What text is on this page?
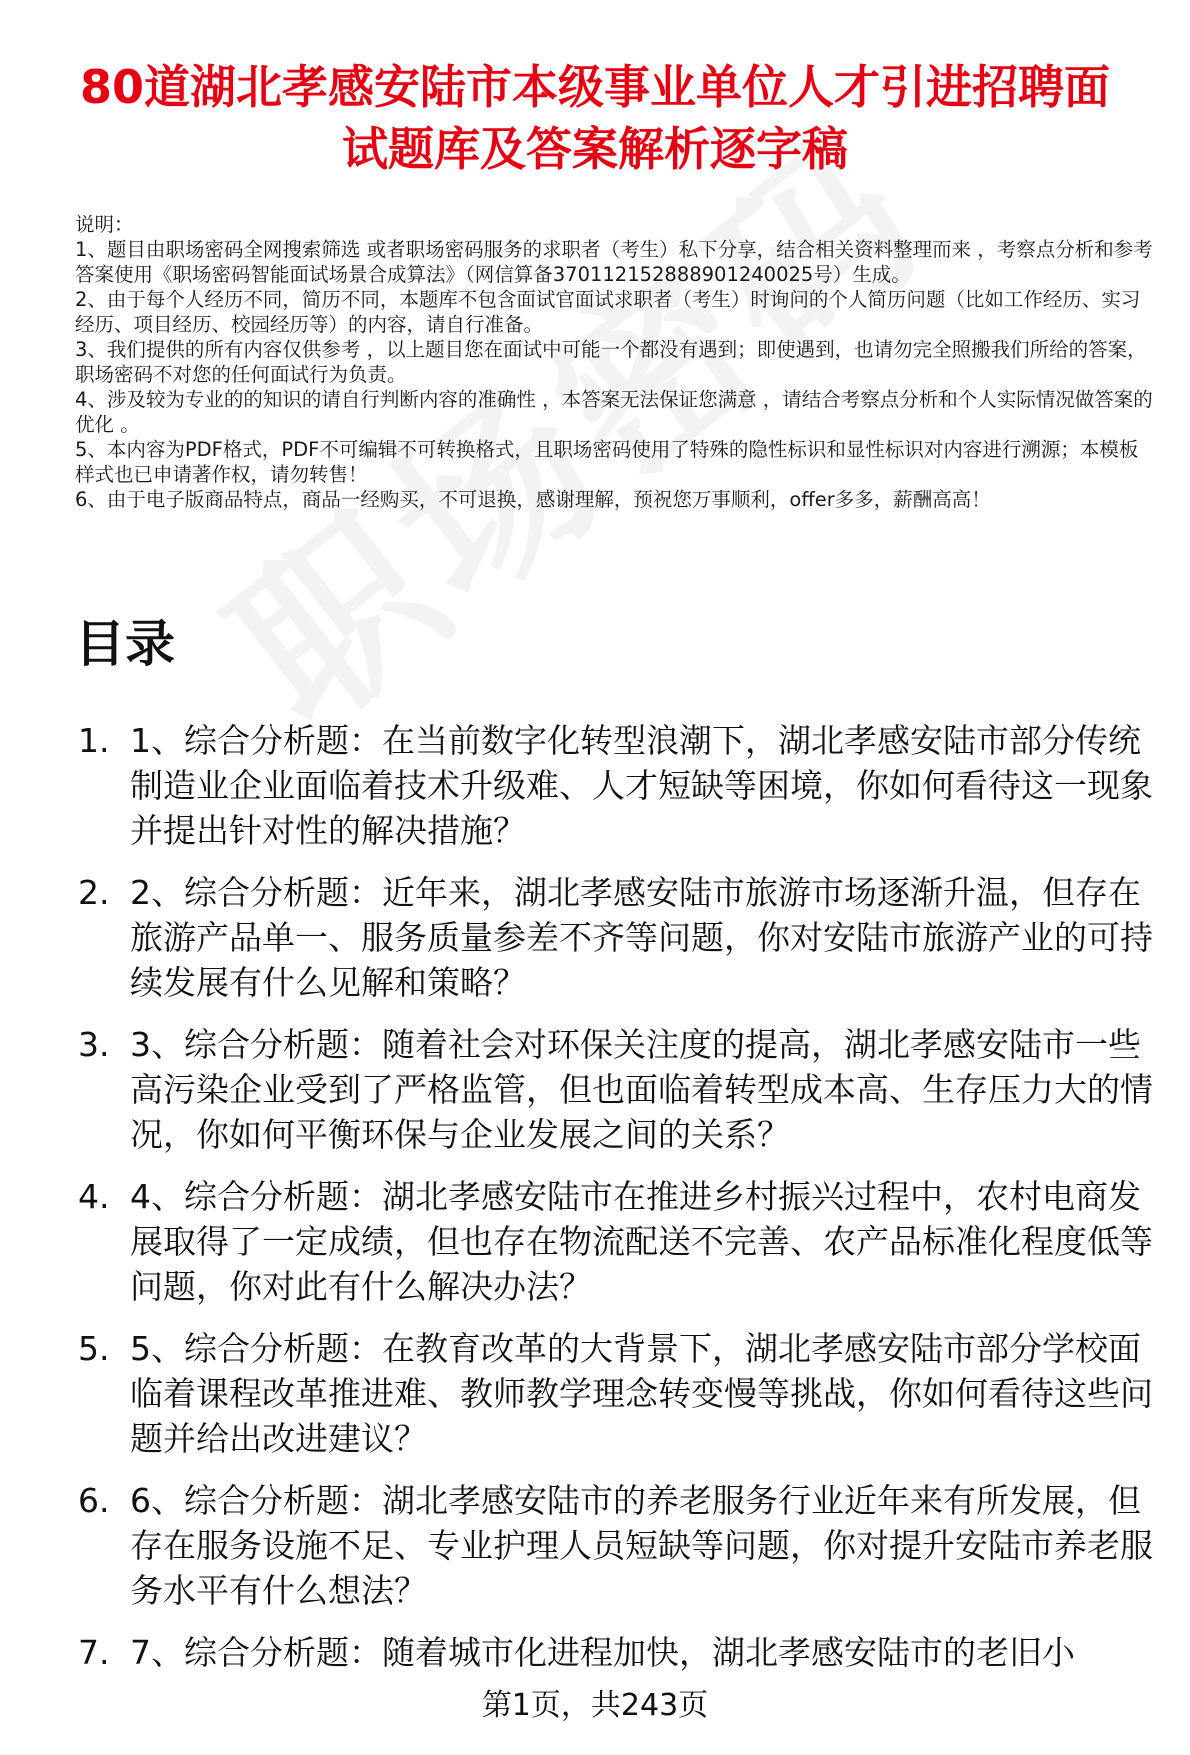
80道湖北孝感安陆市本级事业单位人才引进招聘面试题库及答案解析逐字稿

说明：

1、题目由职场密码全网搜索筛选 或者职场密码服务的求职者（考生）私下分享，结合相关资料整理而来 ，考察点分析和参考答案使用《职场密码智能面试场景合成算法》（网信算备370112152888901240025号）生成。

2、由于每个人经历不同，简历不同，本题库不包含面试官面试求职者（考生）时询问的个人简历问题（比如工作经历、实习经历、项目经历、校园经历等）的内容，请自行准备。

3、我们提供的所有内容仅供参考 ，以上题目您在面试中可能一个都没有遇到；即使遇到，也请勿完全照搬我们所给的答案，职场密码不对您的任何面试行为负责。

4、涉及较为专业的的知识的请自行判断内容的准确性 ，本答案无法保证您满意 ，请结合考察点分析和个人实际情况做答案的优化 。

5、本内容为PDF格式，PDF不可编辑不可转换格式，且职场密码使用了特殊的隐性标识和显性标识对内容进行溯源；本模板样式也已申请著作权，请勿转售！

6、由于电子版商品特点，商品一经购买，不可退换，感谢理解，预祝您万事顺利，offer多多，薪酬高高！

目录
1. 1、综合分析题：在当前数字化转型浪潮下，湖北孝感安陆市部分传统制造业企业面临着技术升级难、人才短缺等困境，你如何看待这一现象并提出针对性的解决措施？
2. 2、综合分析题：近年来，湖北孝感安陆市旅游市场逐渐升温，但存在旅游产品单一、服务质量参差不齐等问题，你对安陆市旅游产业的可持续发展有什么见解和策略？
3. 3、综合分析题：随着社会对环保关注度的提高，湖北孝感安陆市一些高污染企业受到了严格监管，但也面临着转型成本高、生存压力大的情况，你如何平衡环保与企业发展之间的关系？
4. 4、综合分析题：湖北孝感安陆市在推进乡村振兴过程中，农村电商发展取得了一定成绩，但也存在物流配送不完善、农产品标准化程度低等问题，你对此有什么解决办法？
5. 5、综合分析题：在教育改革的大背景下，湖北孝感安陆市部分学校面临着课程改革推进难、教师教学理念转变慢等挑战，你如何看待这些问题并给出改进建议？
6. 6、综合分析题：湖北孝感安陆市的养老服务行业近年来有所发展，但存在服务设施不足、专业护理人员短缺等问题，你对提升安陆市养老服务水平有什么想法？
7. 7、综合分析题：随着城市化进程加快，湖北孝感安陆市的老旧小
第1页，共243页
